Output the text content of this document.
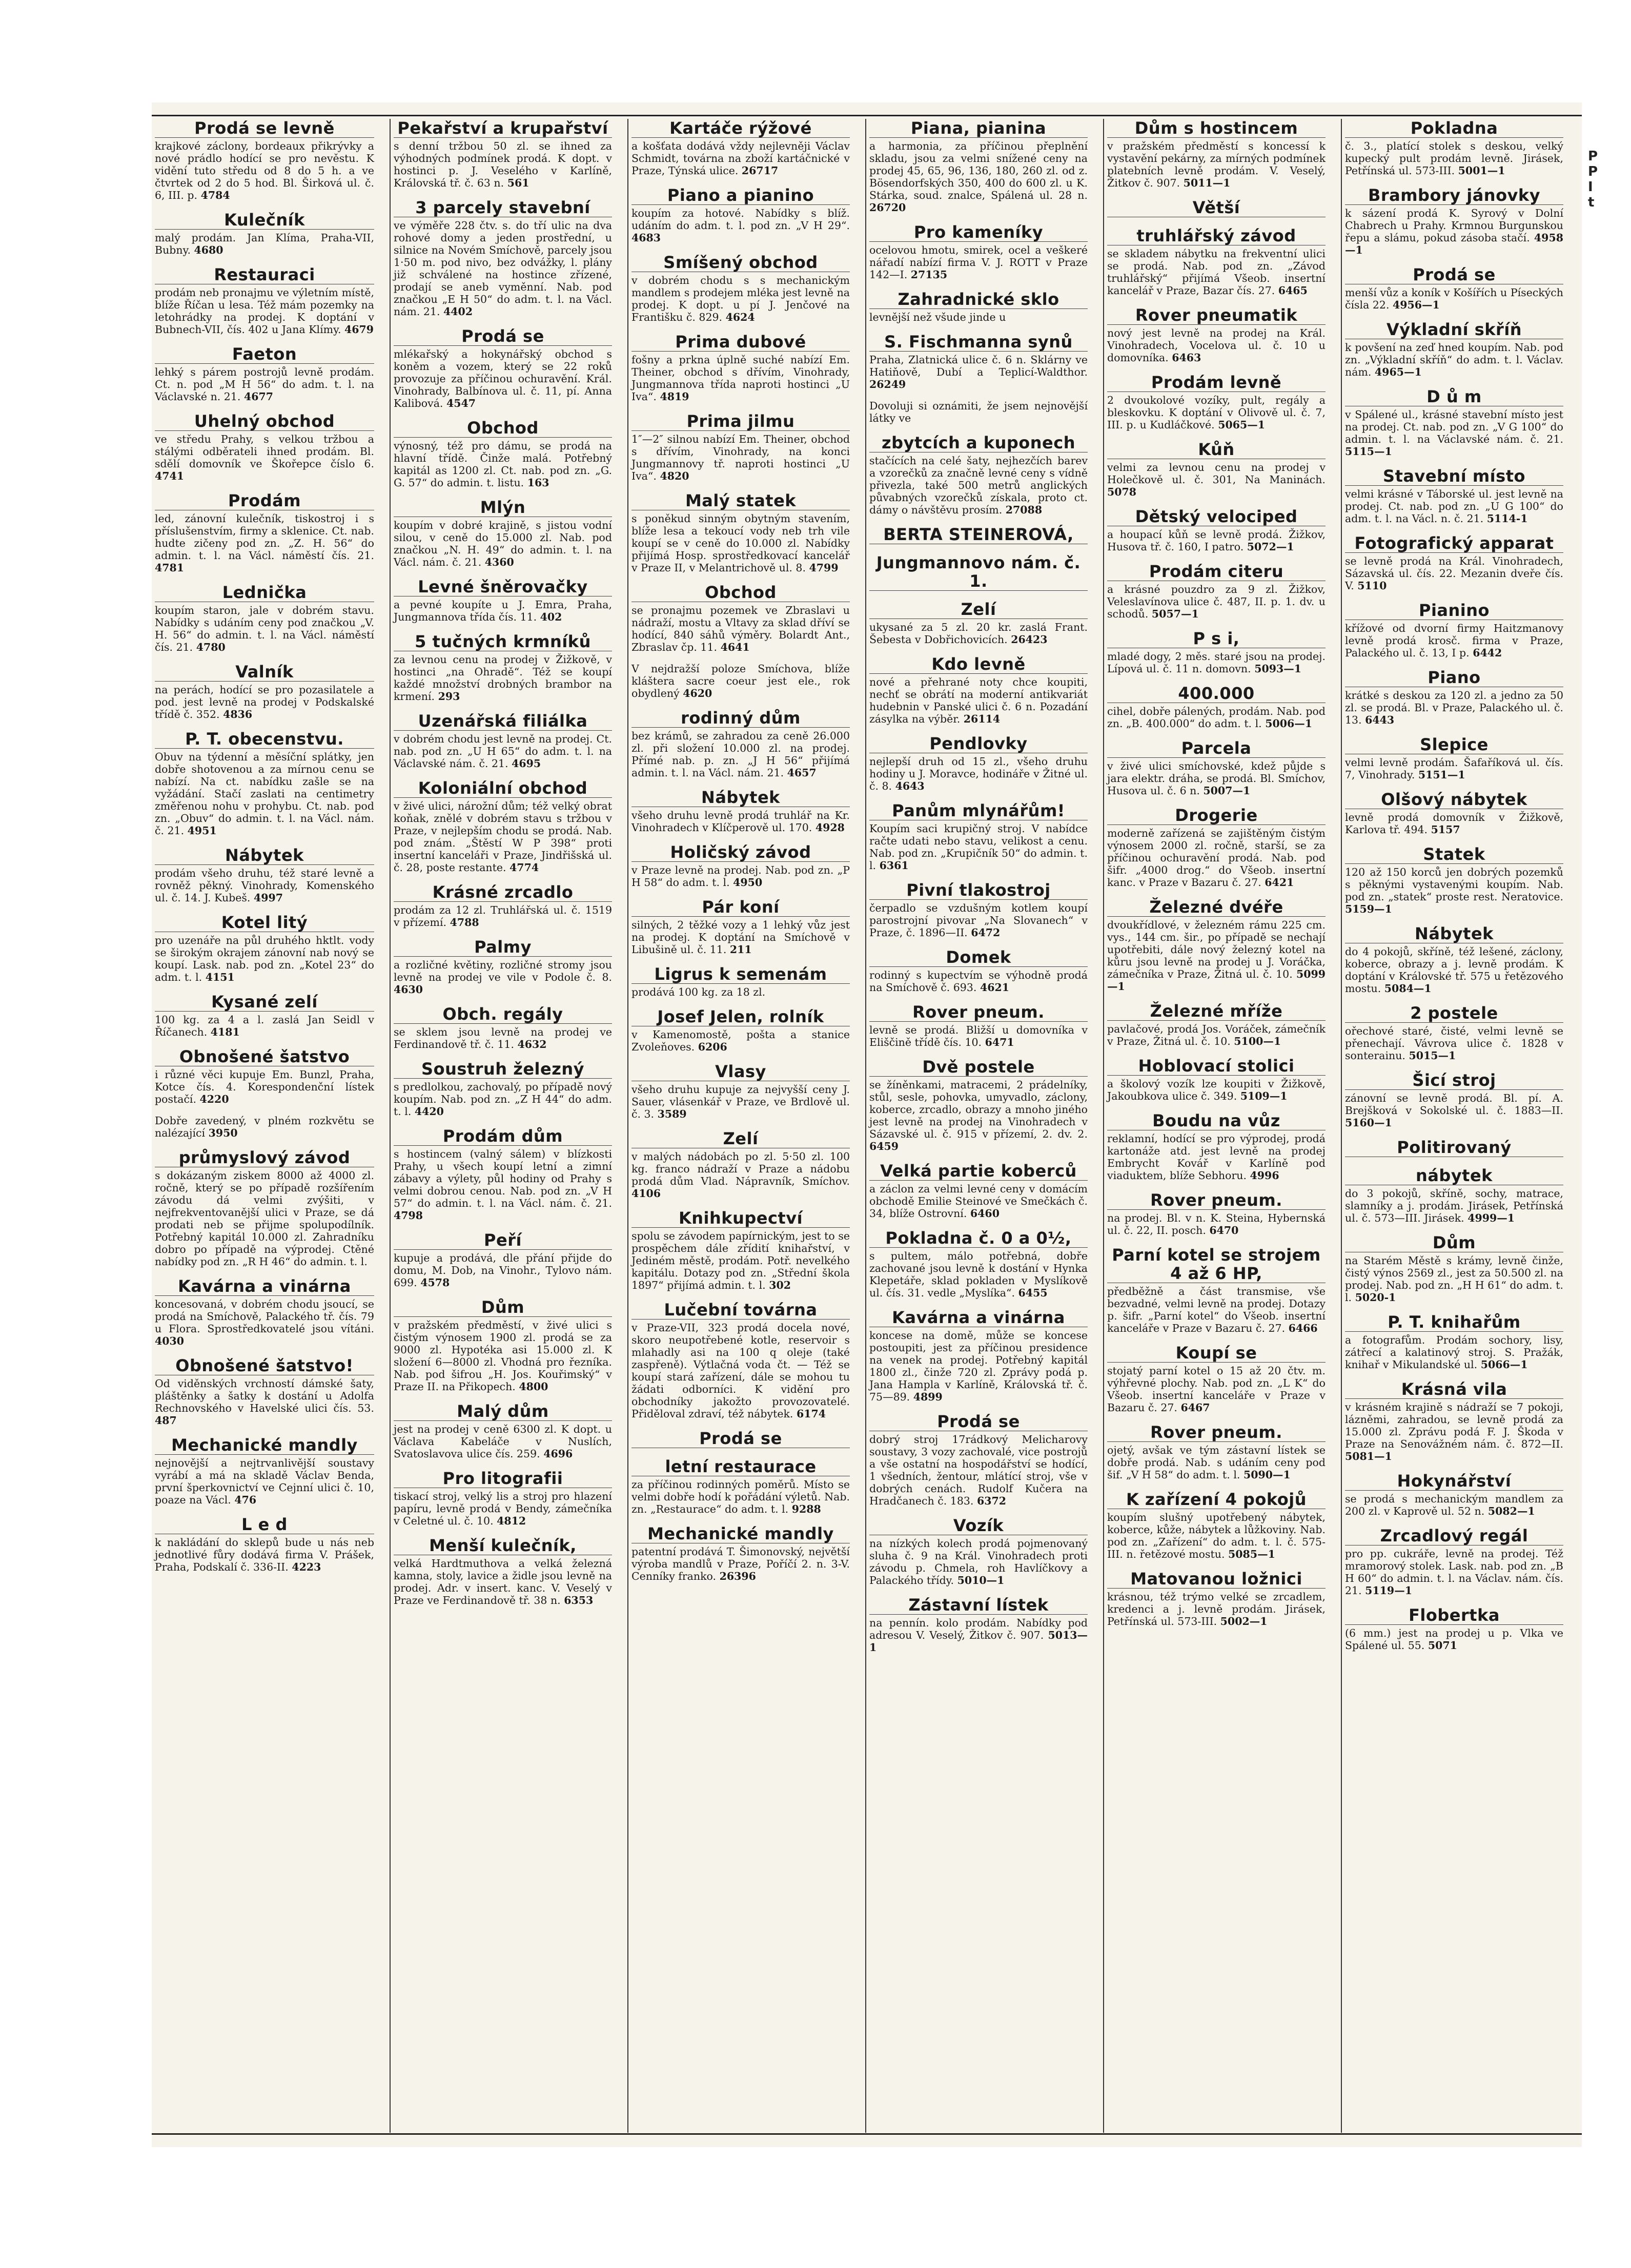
Prodá se levně
krajkové záclony, bordeaux přikrývky a nové prádlo hodící se pro nevěstu. K vidění tuto středu od 8 do 5 h. a ve čtvrtek od 2 do 5 hod. Bl. Širková ul. č. 6, III. p. 4784
Kulečník
malý prodám. Jan Klíma, Praha-VII, Bubny. 4680
Restauraci
prodám neb pronajmu ve výletním místě, blíže Říčan u lesa. Též mám pozemky na letohrádky na prodej. K doptání v Bubnech-VII, čís. 402 u Jana Klímy. 4679
Faeton
lehký s párem postrojů levně prodám. Ct. n. pod „M H 56“ do adm. t. l. na Václavské n. 21. 4677
Uhelný obchod
ve středu Prahy, s velkou tržbou a stálými odběrateli ihned prodám. Bl. sdělí domovník ve Škořepce číslo 6. 4741
Prodám
led, zánovní kulečník, tiskostroj i s příslušenstvím, firmy a sklenice. Ct. nab. hudte zičeny pod zn. „Z. H. 56“ do admin. t. l. na Václ. náměstí čís. 21. 4781
Lednička
koupím staron, jale v dobrém stavu. Nabídky s udáním ceny pod značkou „V. H. 56“ do admin. t. l. na Václ. náměstí čís. 21. 4780
Valník
na perách, hodící se pro pozasilatele a pod. jest levně na prodej v Podskalské třídě č. 352. 4836
P. T. obecenstvu.
Obuv na týdenní a měsíční splátky, jen dobře shotovenou a za mírnou cenu se nabízí. Na ct. nabídku zašle se na vyžádání. Stačí zaslati na centimetry změřenou nohu v prohybu. Ct. nab. pod zn. „Obuv“ do admin. t. l. na Václ. nám. č. 21. 4951
Nábytek
prodám všeho druhu, též staré levně a rovněž pěkný. Vinohrady, Komenského ul. č. 14. J. Kubeš. 4997
Kotel litý
pro uzenáře na půl druhého hktlt. vody se širokým okrajem zánovní nab nový se koupí. Lask. nab. pod zn. „Kotel 23“ do adm. t. l. 4151
Kysané zelí
100 kg. za 4 a l. zaslá Jan Seidl v Říčanech. 4181
Obnošené šatstvo
i různé věci kupuje Em. Bunzl, Praha, Kotce čís. 4. Korespondenční lístek postačí. 4220
Dobře zavedený, v plném rozkvětu se nalézající 3950
průmyslový závod
s dokázaným ziskem 8000 až 4000 zl. ročně, který se po případě rozšířením závodu dá velmi zvýšiti, v nejfrekventovanější ulici v Praze, se dá prodati neb se přijme spolupodílník. Potřebný kapitál 10.000 zl. Zahradníku dobro po případě na výprodej. Ctěné nabídky pod zn. „R H 46“ do admin. t. l.
Kavárna a vinárna
koncesovaná, v dobrém chodu jsoucí, se prodá na Smíchově, Palackého tř. čís. 79 u Flora. Sprostředkovatelé jsou vítáni. 4030
Obnošené šatstvo!
Od viděnských vrchností dámské šaty, pláštěnky a šatky k dostání u Adolfa Rechnovského v Havelské ulici čís. 53. 487
Mechanické mandly
nejnovější a nejtrvanlivější soustavy vyrábí a má na skladě Václav Benda, první šperkovnictví ve Cejnní ulici č. 10, poaze na Václ. 476
L e d
k nakládání do sklepů bude u nás neb jednotlivé fůry dodává firma V. Prášek, Praha, Podskalí č. 336-II. 4223
Pekařství a krupařství
s denní tržbou 50 zl. se ihned za výhodných podmínek prodá. K dopt. v hostinci p. J. Veselého v Karlíně, Královská tř. č. 63 n. 561
3 parcely stavební
ve výměře 228 čtv. s. do tří ulic na dva rohové domy a jeden prostřední, u silnice na Novém Smíchově, parcely jsou 1·50 m. pod nivo, bez odvážky, l. plány již schválené na hostince zřízené, prodají se aneb vyměnní. Nab. pod značkou „E H 50“ do adm. t. l. na Václ. nám. 21. 4402
Prodá se
mlékařský a hokynářský obchod s koněm a vozem, který se 22 roků provozuje za příčinou ochuravění. Král. Vinohrady, Balbínova ul. č. 11, pí. Anna Kalibová. 4547
Obchod
výnosný, též pro dámu, se prodá na hlavní třídě. Činže malá. Potřebný kapitál as 1200 zl. Ct. nab. pod zn. „G. G. 57“ do admin. t. listu. 163
Mlýn
koupím v dobré krajině, s jistou vodní silou, v ceně do 15.000 zl. Nab. pod značkou „N. H. 49“ do admin. t. l. na Václ. nám. č. 21. 4360
Levné šněrovačky
a pevné koupíte u J. Emra, Praha, Jungmannova třída čís. 11. 402
5 tučných krmníků
za levnou cenu na prodej v Žižkově, v hostinci „na Ohradě“. Též se koupí každé množství drobných brambor na krmení. 293
Uzenářská filiálka
v dobrém chodu jest levně na prodej. Ct. nab. pod zn. „U H 65“ do adm. t. l. na Václavské nám. č. 21. 4695
Koloniální obchod
v živé ulici, nárožní dům; též velký obrat koňak, znělé v dobrém stavu s tržbou v Praze, v nejlepším chodu se prodá. Nab. pod znám. „Štěstí W P 398“ proti insertní kanceláři v Praze, Jindřišská ul. č. 28, poste restante. 4774
Krásné zrcadlo
prodám za 12 zl. Truhlářská ul. č. 1519 v přízemí. 4788
Palmy
a rozličné květiny, rozličné stromy jsou levně na prodej ve vile v Podole č. 8. 4630
Obch. regály
se sklem jsou levně na prodej ve Ferdinandově tř. č. 11. 4632
Soustruh železný
s predlolkou, zachovalý, po případě nový koupím. Nab. pod zn. „Z H 44“ do adm. t. l. 4420
Prodám dům
s hostincem (valný sálem) v blízkosti Prahy, u všech koupí letní a zimní zábavy a výlety, půl hodiny od Prahy s velmi dobrou cenou. Nab. pod zn. „V H 57“ do admin. t. l. na Václ. nám. č. 21. 4798
Peří
kupuje a prodává, dle přání přijde do domu, M. Dob, na Vinohr., Tylovo nám. 699. 4578
Dům
v pražském předměstí, v živé ulici s čistým výnosem 1900 zl. prodá se za 9000 zl. Hypotéka asi 15.000 zl. K složení 6—8000 zl. Vhodná pro řezníka. Nab. pod šifrou „H. Jos. Kouřimský“ v Praze II. na Přikopech. 4800
Malý dům
jest na prodej v ceně 6300 zl. K dopt. u Václava Kabeláče v Nuslích, Svatoslavova ulice čís. 259. 4696
Pro litografii
tiskací stroj, velký lis a stroj pro hlazení papíru, levně prodá v Bendy, zámečníka v Celetné ul. č. 10. 4812
Menší kulečník,
velká Hardtmuthova a velká železná kamna, stoly, lavice a židle jsou levně na prodej. Adr. v insert. kanc. V. Veselý v Praze ve Ferdinandově tř. 38 n. 6353
Kartáče rýžové
a košťata dodává vždy nejlevněji Václav Schmidt, továrna na zboží kartáčnické v Praze, Týnská ulice. 26717
Piano a pianino
koupím za hotové. Nabídky s blíž. udáním do adm. t. l. pod zn. „V H 29“. 4683
Smíšený obchod
v dobrém chodu s s mechanickým mandlem s prodejem mléka jest levně na prodej. K dopt. u pí J. Jenčové na Františku č. 829. 4624
Prima dubové
fošny a prkna úplně suché nabízí Em. Theiner, obchod s dřívím, Vinohrady, Jungmannova třída naproti hostinci „U Iva“. 4819
Prima jilmu
1″—2″ silnou nabízí Em. Theiner, obchod s dřívím, Vinohrady, na konci Jungmannovy tř. naproti hostinci „U Iva“. 4820
Malý statek
s poněkud sinným obytným stavením, blíže lesa a tekoucí vody neb trh vile koupí se v ceně do 10.000 zl. Nabídky přijímá Hosp. sprostředkovací kancelář v Praze II, v Melantrichově ul. 8. 4799
Obchod
se pronajmu pozemek ve Zbraslavi u nádraží, mostu a Vltavy za sklad dříví se hodící, 840 sáhů výměry. Bolardt Ant., Zbraslav čp. 11. 4641
V nejdražší poloze Smíchova, blíže kláštera sacre coeur jest ele., rok obydlený 4620
rodinný dům
bez krámů, se zahradou za ceně 26.000 zl. při složení 10.000 zl. na prodej. Přímé nab. p. zn. „J H 56“ přijímá admin. t. l. na Václ. nám. 21. 4657
Nábytek
všeho druhu levně prodá truhlář na Kr. Vinohradech v Klíčperově ul. 170. 4928
Holičský závod
v Praze levně na prodej. Nab. pod zn. „P H 58“ do adm. t. l. 4950
Pár koní
silných, 2 těžké vozy a 1 lehký vůz jest na prodej. K doptání na Smíchově v Libušině ul. č. 11. 211
Ligrus k semenám
prodává 100 kg. za 18 zl.
Josef Jelen, rolník
v Kamenomostě, pošta a stanice Zvoleňoves. 6206
Vlasy
všeho druhu kupuje za nejvyšší ceny J. Sauer, vlásenkář v Praze, ve Brdlově ul. č. 3. 3589
Zelí
v malých nádobách po zl. 5·50 zl. 100 kg. franco nádraží v Praze a nádobu prodá dům Vlad. Nápravník, Smíchov. 4106
Knihkupectví
spolu se závodem papírnickým, jest to se prospěchem dále zřídití knihařství, v Jediném městě, prodám. Potř. nevelkého kapitálu. Dotazy pod zn. „Střední škola 1897“ přijímá admin. t. l. 302
Lučební továrna
v Praze-VII, 323 prodá docela nové, skoro neupotřebené kotle, reservoir s mlahadly asi na 100 q oleje (také zaspřeně). Výtlačná voda čt. — Též se koupí stará zařízení, dále se mohou tu žádati odborníci. K vidění pro obchodníky jakožto provozovatelé. Přiděloval zdraví, též nábytek. 6174
Prodá se
letní restaurace
za příčinou rodinných poměrů. Místo se velmi dobře hodí k pořádání výletů. Nab. zn. „Restaurace“ do adm. t. l. 9288
Mechanické mandly
patentní prodává T. Šimonovský, největší výroba mandlů v Praze, Poříčí 2. n. 3-V. Cenníky franko. 26396
Piana, pianina
a harmonia, za příčinou přeplnění skladu, jsou za velmi snížené ceny na prodej 45, 65, 96, 136, 180, 260 zl. od z. Bösendorfských 350, 400 do 600 zl. u K. Stárka, soud. znalce, Spálená ul. 28 n. 26720
Pro kameníky
ocelovou hmotu, smirek, ocel a veškeré nářadí nabízí firma V. J. ROTT v Praze 142—I. 27135
Zahradnické sklo
levnější než všude jinde u
S. Fischmanna synů
Praha, Zlatnická ulice č. 6 n. Sklárny ve Hatiňově, Dubí a Teplicí-Waldthor. 26249
Dovoluji si oznámiti, že jsem nejnovější látky ve
zbytcích a kuponech
stačících na celé šaty, nejhezčích barev a vzorečků za značně levné ceny s vídně přivezla, také 500 metrů anglických půvabných vzorečků získala, proto ct. dámy o návštěvu prosím. 27088
BERTA STEINEROVÁ,
Jungmannovo nám. č. 1.
Zelí
ukysané za 5 zl. 20 kr. zaslá Frant. Šebesta v Dobřichovicích. 26423
Kdo levně
nové a přehrané noty chce koupiti, nechť se obrátí na moderní antikvariát hudebnin v Panské ulici č. 6 n. Pozadání zásylka na výběr. 26114
Pendlovky
nejlepší druh od 15 zl., všeho druhu hodiny u J. Moravce, hodináře v Žitné ul. č. 8. 4643
Panům mlynářům!
Koupím saci krupičný stroj. V nabídce račte udati nebo stavu, velikost a cenu. Nab. pod zn. „Krupičník 50“ do admin. t. l. 6361
Pivní tlakostroj
čerpadlo se vzdušným kotlem koupí parostrojní pivovar „Na Slovanech“ v Praze, č. 1896—II. 6472
Domek
rodinný s kupectvím se výhodně prodá na Smíchově č. 693. 4621
Rover pneum.
levně se prodá. Bližší u domovníka v Eliščině třídě čís. 10. 6471
Dvě postele
se žíněnkami, matracemi, 2 prádelníky, stůl, sesle, pohovka, umyvadlo, záclony, koberce, zrcadlo, obrazy a mnoho jiného jest levně na prodej na Vinohradech v Sázavské ul. č. 915 v přízemí, 2. dv. 2. 6459
Velká partie koberců
a záclon za velmi levné ceny v domácím obchodě Emilie Steinové ve Smečkách č. 34, blíže Ostrovní. 6460
Pokladna č. 0 a 0½,
s pultem, málo potřebná, dobře zachované jsou levně k dostání v Hynka Klepetáře, sklad pokladen v Myslíkově ul. čís. 31. vedle „Myslíka“. 6455
Kavárna a vinárna
koncese na domě, může se koncese postoupiti, jest za příčinou presidence na venek na prodej. Potřebný kapitál 1800 zl., činže 720 zl. Zprávy podá p. Jana Hampla v Karlíně, Královská tř. č. 75—89. 4899
Prodá se
dobrý stroj 17rádkový Melicharovy soustavy, 3 vozy zachovalé, vice postrojů a vše ostatní na hospodářství se hodící, 1 všedních, žentour, mlátící stroj, vše v dobrých cenách. Rudolf Kučera na Hradčanech č. 183. 6372
Vozík
na nízkých kolech prodá pojmenovaný sluha č. 9 na Král. Vinohradech proti závodu p. Chmela, roh Havlíčkovy a Palackého třídy. 5010—1
Zástavní lístek
na pennín. kolo prodám. Nabídky pod adresou V. Veselý, Žitkov č. 907. 5013—1
Dům s hostincem
v pražském předměstí s koncessí k vystavění pekárny, za mírných podmínek platebních levně prodám. V. Veselý, Žitkov č. 907. 5011—1
Větší
truhlářský závod
se skladem nábytku na frekventní ulici se prodá. Nab. pod zn. „Závod truhlářský“ přijímá Všeob. insertní kancelář v Praze, Bazar čís. 27. 6465
Rover pneumatik
nový jest levně na prodej na Král. Vinohradech, Vocelova ul. č. 10 u domovníka. 6463
Prodám levně
2 dvoukolové vozíky, pult, regály a bleskovku. K doptání v Olivově ul. č. 7, III. p. u Kudláčkové. 5065—1
Kůň
velmi za levnou cenu na prodej v Holečkově ul. č. 301, Na Maninách. 5078
Dětský velociped
a houpací kůň se levně prodá. Žižkov, Husova tř. č. 160, I patro. 5072—1
Prodám citeru
a krásné pouzdro za 9 zl. Žižkov, Veleslavínova ulice č. 487, II. p. 1. dv. u schodů. 5057—1
P s i,
mladé dogy, 2 měs. staré jsou na prodej. Lípová ul. č. 11 n. domovn. 5093—1
400.000
cihel, dobře pálených, prodám. Nab. pod zn. „B. 400.000“ do adm. t. l. 5006—1
Parcela
v živé ulici smíchovské, kdež půjde s jara elektr. dráha, se prodá. Bl. Smíchov, Husova ul. č. 6 n. 5007—1
Drogerie
moderně zařízená se zajištěným čistým výnosem 2000 zl. ročně, starší, se za příčinou ochuravění prodá. Nab. pod šifr. „4000 drog.“ do Všeob. insertní kanc. v Praze v Bazaru č. 27. 6421
Železné dvéře
dvoukřídlové, v železném rámu 225 cm. vys., 144 cm. šir., po případě se nechají upotřebiti, dále nový železný kotel na kůru jsou levně na prodej u J. Voráčka, zámečníka v Praze, Žitná ul. č. 10. 5099—1
Železné mříže
pavlačové, prodá Jos. Voráček, zámečník v Praze, Žitná ul. č. 10. 5100—1
Hoblovací stolici
a školový vozík lze koupiti v Žižkově, Jakoubkova ulice č. 349. 5109—1
Boudu na vůz
reklamní, hodící se pro výprodej, prodá kartonáže atd. jest levně na prodej Embrycht Kovář v Karlíně pod viaduktem, blíže Sebhoru. 4996
Rover pneum.
na prodej. Bl. v n. K. Steina, Hybernská ul. č. 22, II. posch. 6470
Parní kotel se strojem 4 až 6 HP,
předběžně a část transmise, vše bezvadné, velmi levně na prodej. Dotazy p. šifr. „Parní kotel“ do Všeob. insertní kanceláře v Praze v Bazaru č. 27. 6466
Koupí se
stojatý parní kotel o 15 až 20 čtv. m. výhřevné plochy. Nab. pod zn. „L K“ do Všeob. insertní kanceláře v Praze v Bazaru č. 27. 6467
Rover pneum.
ojetý, avšak ve tým zástavní lístek se dobře prodá. Nab. s udáním ceny pod šif. „V H 58“ do adm. t. l. 5090—1
K zařízení 4 pokojů
koupím slušný upotřebený nábytek, koberce, kůže, nábytek a lůžkoviny. Nab. pod zn. „Zařízení“ do adm. t. l. č. 575-III. n. řetězové mostu. 5085—1
Matovanou ložnici
krásnou, též trýmo velké se zrcadlem, kredenci a j. levně prodám. Jirásek, Petřínská ul. 573-III. 5002—1
Pokladna
č. 3., platící stolek s deskou, velký kupecký pult prodám levně. Jirásek, Petřínská ul. 573-III. 5001—1
Brambory jánovky
k sázení prodá K. Syrový v Dolní Chabrech u Prahy. Krmnou Burgunskou řepu a slámu, pokud zásoba stačí. 4958—1
Prodá se
menší vůz a koník v Košířích u Píseckých čísla 22. 4956—1
Výkladní skříň
k povšení na zeď hned koupím. Nab. pod zn. „Výkladní skříň“ do adm. t. l. Václav. nám. 4965—1
D ů m
v Spálené ul., krásné stavební místo jest na prodej. Ct. nab. pod zn. „V G 100“ do admin. t. l. na Václavské nám. č. 21. 5115—1
Stavební místo
velmi krásné v Táborské ul. jest levně na prodej. Ct. nab. pod zn. „U G 100“ do adm. t. l. na Václ. n. č. 21. 5114-1
Fotografický apparat
se levně prodá na Král. Vinohradech, Sázavská ul. čís. 22. Mezanin dveře čís. V. 5110
Pianino
křížové od dvorní firmy Haitzmanovy levně prodá krosč. firma v Praze, Palackého ul. č. 13, I p. 6442
Piano
krátké s deskou za 120 zl. a jedno za 50 zl. se prodá. Bl. v Praze, Palackého ul. č. 13. 6443
Slepice
velmi levně prodám. Šafaříková ul. čís. 7, Vinohrady. 5151—1
Olšový nábytek
levně prodá domovník v Žižkově, Karlova tř. 494. 5157
Statek
120 až 150 korců jen dobrých pozemků s pěknými vystavenými koupím. Nab. pod zn. „statek“ proste rest. Neratovice. 5159—1
Nábytek
do 4 pokojů, skříně, též lešené, záclony, koberce, obrazy a j. levně prodám. K doptání v Královské tř. 575 u řetězového mostu. 5084—1
2 postele
ořechové staré, čisté, velmi levně se přenechají. Vávrova ulice č. 1828 v sonterainu. 5015—1
Šicí stroj
zánovní se levně prodá. Bl. pí. A. Brejšková v Sokolské ul. č. 1883—II. 5160—1
Politirovaný
nábytek
do 3 pokojů, skříně, sochy, matrace, slamníky a j. prodám. Jirásek, Petřínská ul. č. 573—III. Jirásek. 4999—1
Dům
na Starém Městě s krámy, levně činže, čistý výnos 2569 zl., jest za 50.500 zl. na prodej. Nab. pod zn. „H H 61“ do adm. t. l. 5020-1
P. T. knihařům
a fotografům. Prodám sochory, lisy, zátřecí a kalatinový stroj. S. Pražák, knihař v Mikulandské ul. 5066—1
Krásná vila
v krásném krajině s nádraží se 7 pokoji, lázněmi, zahradou, se levně prodá za 15.000 zl. Zprávu podá F. J. Škoda v Praze na Senovážném nám. č. 872—II. 5081—1
Hokynářství
se prodá s mechanickým mandlem za 200 zl. v Kaprově ul. 52 n. 5082—1
Zrcadlový regál
pro pp. cukráře, levně na prodej. Též mramorový stolek. Lask. nab. pod zn. „B H 60“ do admin. t. l. na Václav. nám. čís. 21. 5119—1
Flobertka
(6 mm.) jest na prodej u p. Vlka ve Spálené ul. 55. 5071
P
P
I
t
